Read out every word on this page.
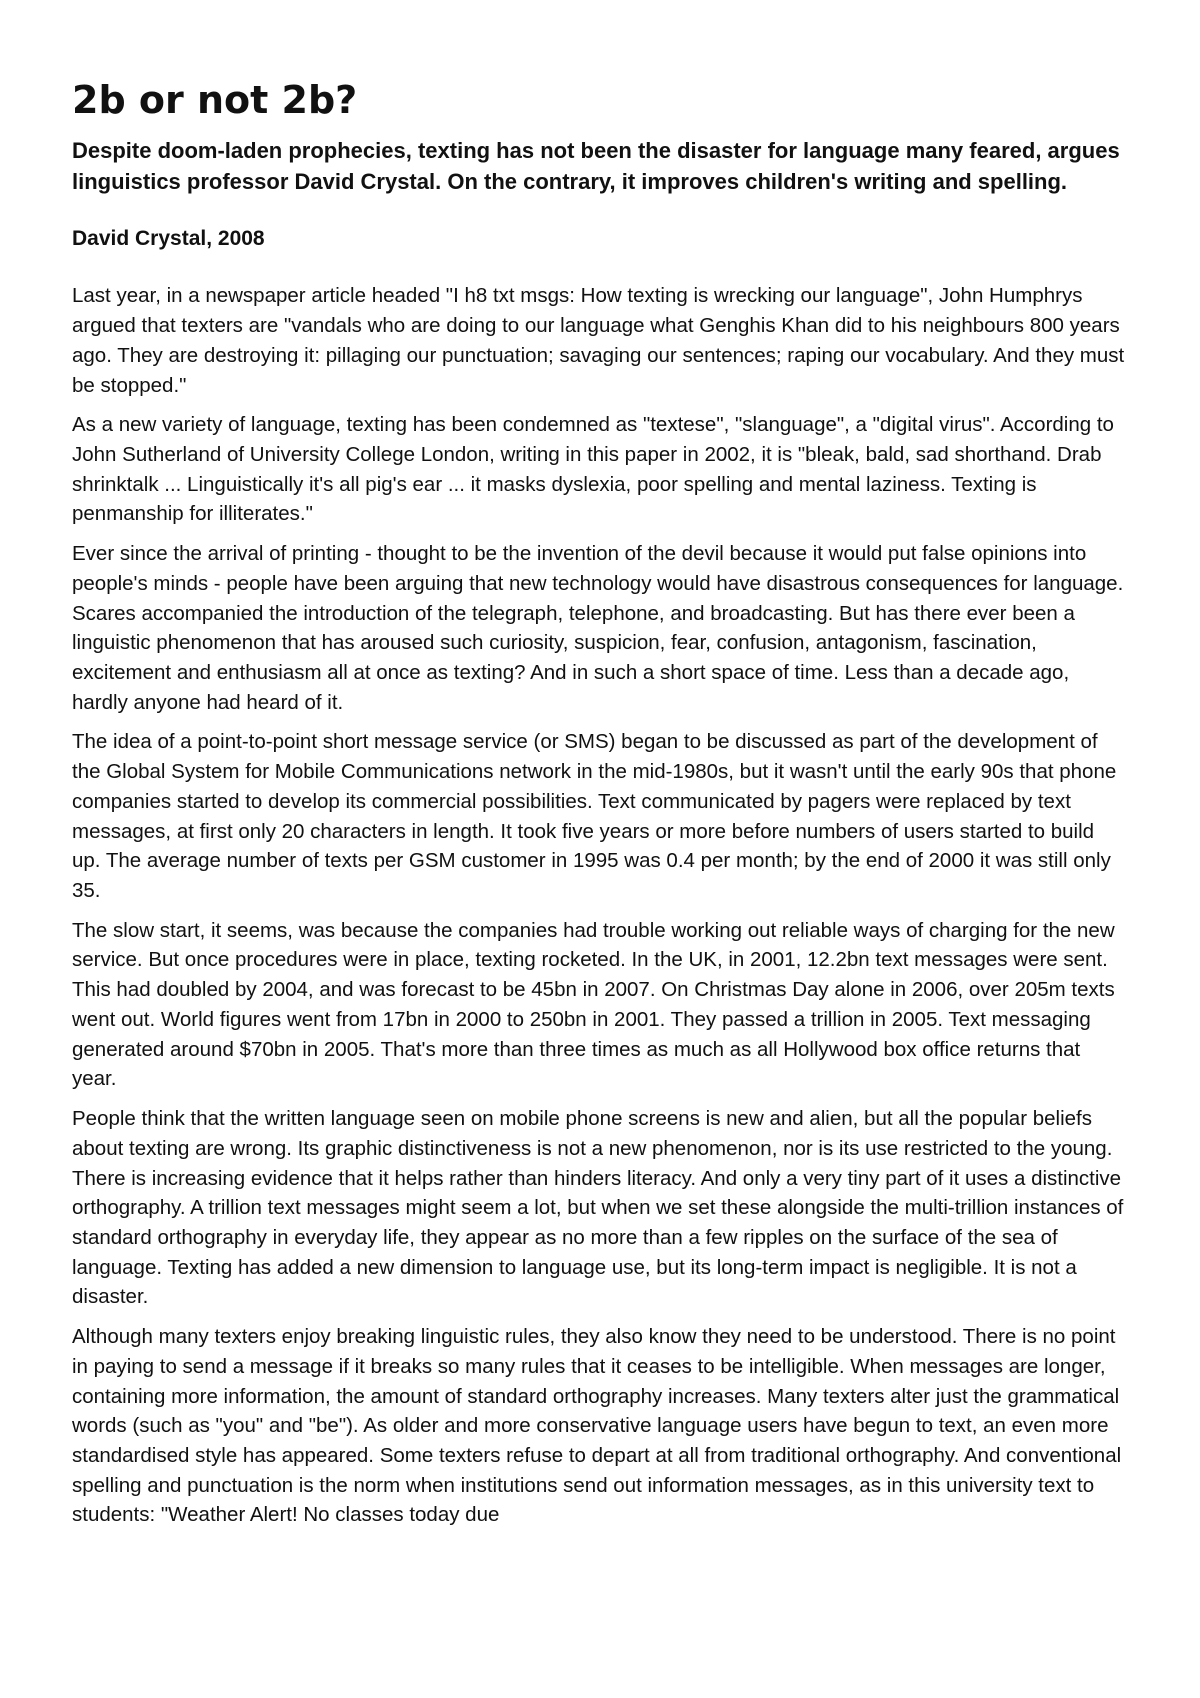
2b or not 2b?
Despite doom-laden prophecies, texting has not been the disaster for language many feared, argues linguistics professor David Crystal. On the contrary, it improves children's writing and spelling.
David Crystal, 2008

Last year, in a newspaper article headed "I h8 txt msgs: How texting is wrecking our language", John Humphrys argued that texters are "vandals who are doing to our language what Genghis Khan did to his neighbours 800 years ago. They are destroying it: pillaging our punctuation; savaging our sentences; raping our vocabulary. And they must be stopped."

As a new variety of language, texting has been condemned as "textese", "slanguage", a "digital virus". According to John Sutherland of University College London, writing in this paper in 2002, it is "bleak, bald, sad shorthand. Drab shrinktalk ... Linguistically it's all pig's ear ... it masks dyslexia, poor spelling and mental laziness. Texting is penmanship for illiterates."

Ever since the arrival of printing - thought to be the invention of the devil because it would put false opinions into people's minds - people have been arguing that new technology would have disastrous consequences for language. Scares accompanied the introduction of the telegraph, telephone, and broadcasting. But has there ever been a linguistic phenomenon that has aroused such curiosity, suspicion, fear, confusion, antagonism, fascination, excitement and enthusiasm all at once as texting? And in such a short space of time. Less than a decade ago, hardly anyone had heard of it.

The idea of a point-to-point short message service (or SMS) began to be discussed as part of the development of the Global System for Mobile Communications network in the mid-1980s, but it wasn't until the early 90s that phone companies started to develop its commercial possibilities. Text communicated by pagers were replaced by text messages, at first only 20 characters in length. It took five years or more before numbers of users started to build up. The average number of texts per GSM customer in 1995 was 0.4 per month; by the end of 2000 it was still only 35.

The slow start, it seems, was because the companies had trouble working out reliable ways of charging for the new service. But once procedures were in place, texting rocketed. In the UK, in 2001, 12.2bn text messages were sent. This had doubled by 2004, and was forecast to be 45bn in 2007. On Christmas Day alone in 2006, over 205m texts went out. World figures went from 17bn in 2000 to 250bn in 2001. They passed a trillion in 2005. Text messaging generated around $70bn in 2005. That's more than three times as much as all Hollywood box office returns that year.

People think that the written language seen on mobile phone screens is new and alien, but all the popular beliefs about texting are wrong. Its graphic distinctiveness is not a new phenomenon, nor is its use restricted to the young. There is increasing evidence that it helps rather than hinders literacy. And only a very tiny part of it uses a distinctive orthography. A trillion text messages might seem a lot, but when we set these alongside the multi-trillion instances of standard orthography in everyday life, they appear as no more than a few ripples on the surface of the sea of language. Texting has added a new dimension to language use, but its long-term impact is negligible. It is not a disaster.

Although many texters enjoy breaking linguistic rules, they also know they need to be understood. There is no point in paying to send a message if it breaks so many rules that it ceases to be intelligible. When messages are longer, containing more information, the amount of standard orthography increases. Many texters alter just the grammatical words (such as "you" and "be"). As older and more conservative language users have begun to text, an even more standardised style has appeared. Some texters refuse to depart at all from traditional orthography. And conventional spelling and punctuation is the norm when institutions send out information messages, as in this university text to students: "Weather Alert! No classes today due
